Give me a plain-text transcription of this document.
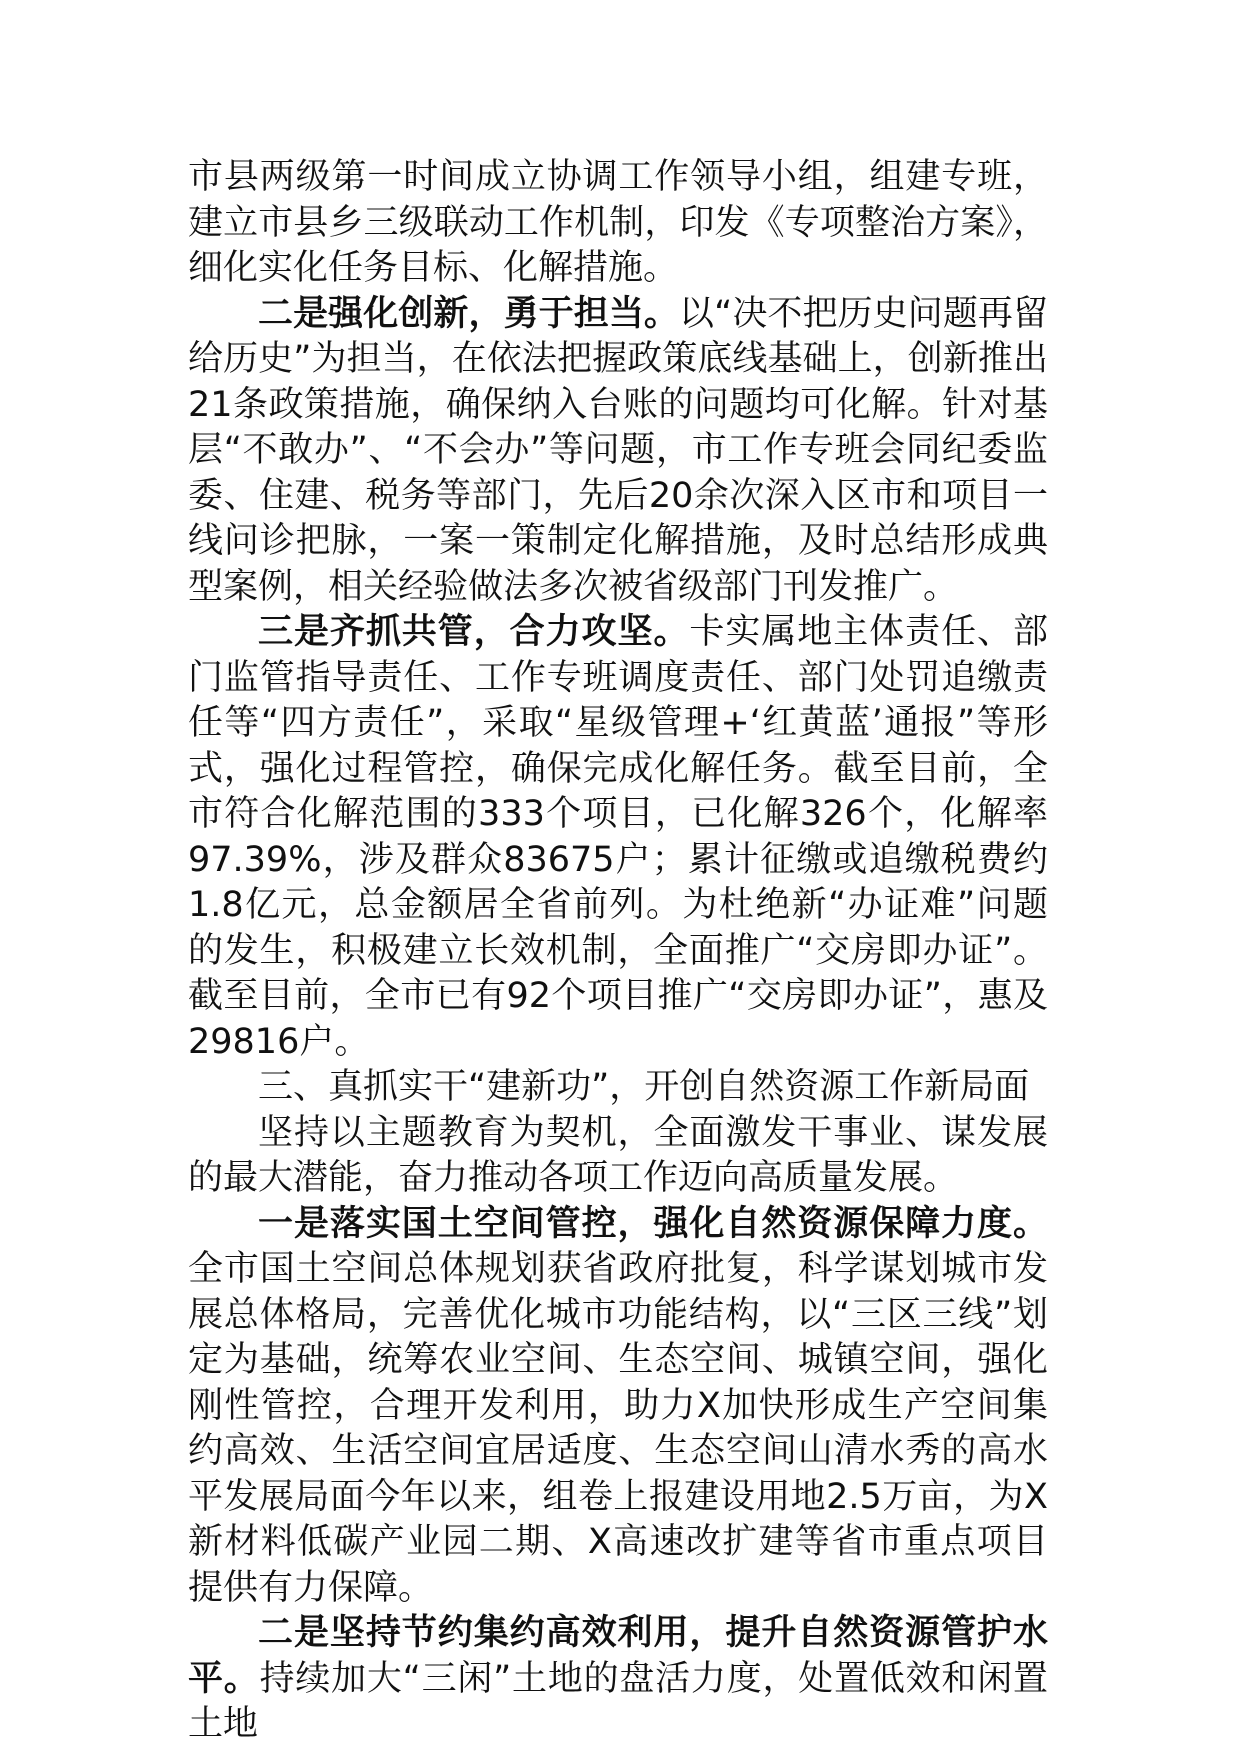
市县两级第一时间成立协调工作领导小组，组建专班，建立市县乡三级联动工作机制，印发《专项整治方案》，细化实化任务目标、化解措施。

二是强化创新，勇于担当。以“决不把历史问题再留给历史”为担当，在依法把握政策底线基础上，创新推出21条政策措施，确保纳入台账的问题均可化解。针对基层“不敢办”、“不会办”等问题，市工作专班会同纪委监委、住建、税务等部门，先后20余次深入区市和项目一线问诊把脉，一案一策制定化解措施，及时总结形成典型案例，相关经验做法多次被省级部门刊发推广。

三是齐抓共管，合力攻坚。卡实属地主体责任、部门监管指导责任、工作专班调度责任、部门处罚追缴责任等“四方责任”，采取“星级管理+‘红黄蓝’通报”等形式，强化过程管控，确保完成化解任务。截至目前，全市符合化解范围的333个项目，已化解326个，化解率97.39%，涉及群众83675户；累计征缴或追缴税费约1.8亿元，总金额居全省前列。为杜绝新“办证难”问题的发生，积极建立长效机制，全面推广“交房即办证”。截至目前，全市已有92个项目推广“交房即办证”，惠及29816户。

三、真抓实干“建新功”，开创自然资源工作新局面

坚持以主题教育为契机，全面激发干事业、谋发展的最大潜能，奋力推动各项工作迈向高质量发展。

一是落实国土空间管控，强化自然资源保障力度。全市国土空间总体规划获省政府批复，科学谋划城市发展总体格局，完善优化城市功能结构，以“三区三线”划定为基础，统筹农业空间、生态空间、城镇空间，强化刚性管控，合理开发利用，助力X加快形成生产空间集约高效、生活空间宜居适度、生态空间山清水秀的高水平发展局面今年以来，组卷上报建设用地2.5万亩，为X新材料低碳产业园二期、X高速改扩建等省市重点项目提供有力保障。

二是坚持节约集约高效利用，提升自然资源管护水平。持续加大“三闲”土地的盘活力度，处置低效和闲置土地
